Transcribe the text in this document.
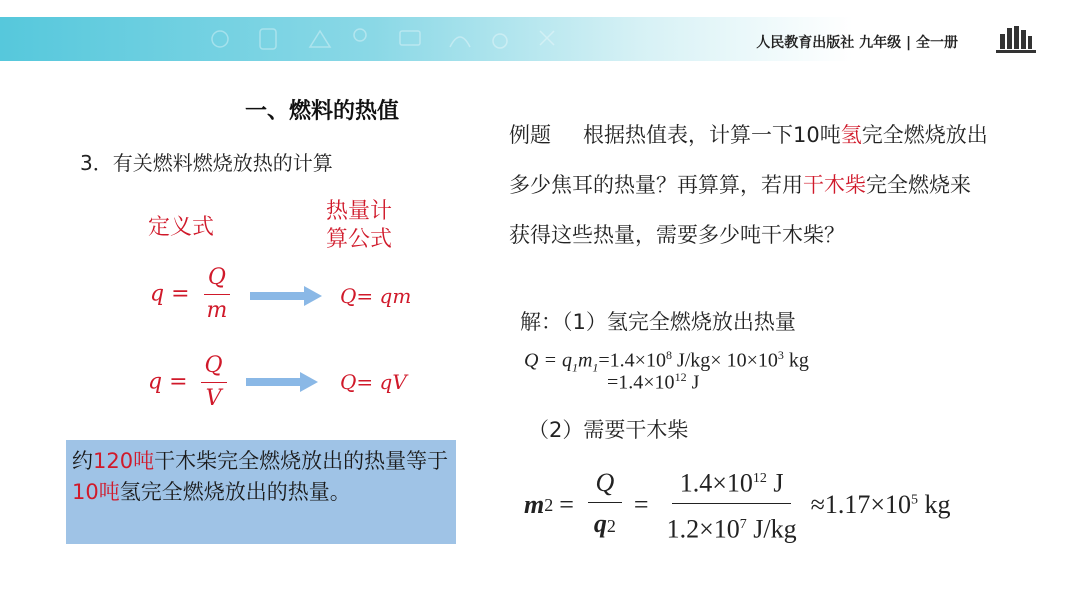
人民教育出版社 九年级 | 全一册
一、燃料的热值
3．有关燃料燃烧放热的计算
定义式
热量计
算公式
$q = \frac{Q}{m}$	Q= qm
$q = \frac{Q}{V}$	Q= qV
约120吨干木柴完全燃烧放出的热量等于10吨氢完全燃烧放出的热量。
例题 根据热值表，计算一下10吨氢完全燃烧放出多少焦耳的热量？再算算，若用干木柴完全燃烧来获得这些热量，需要多少吨干木柴？
解：（1）氢完全燃烧放出热量
$Q = q_1m_1=1.4\times 10^8$ $J/kg\times 10\times 10^3$ kg
$=1.4\times 10^{12}$ J
（2）需要干木柴
m $2 = \frac{Q}{q2} = \frac{1.4\times 10^{12} J}{1.2\times 10^7 J/kg} \approx 1.17\times 10^5$ kg
